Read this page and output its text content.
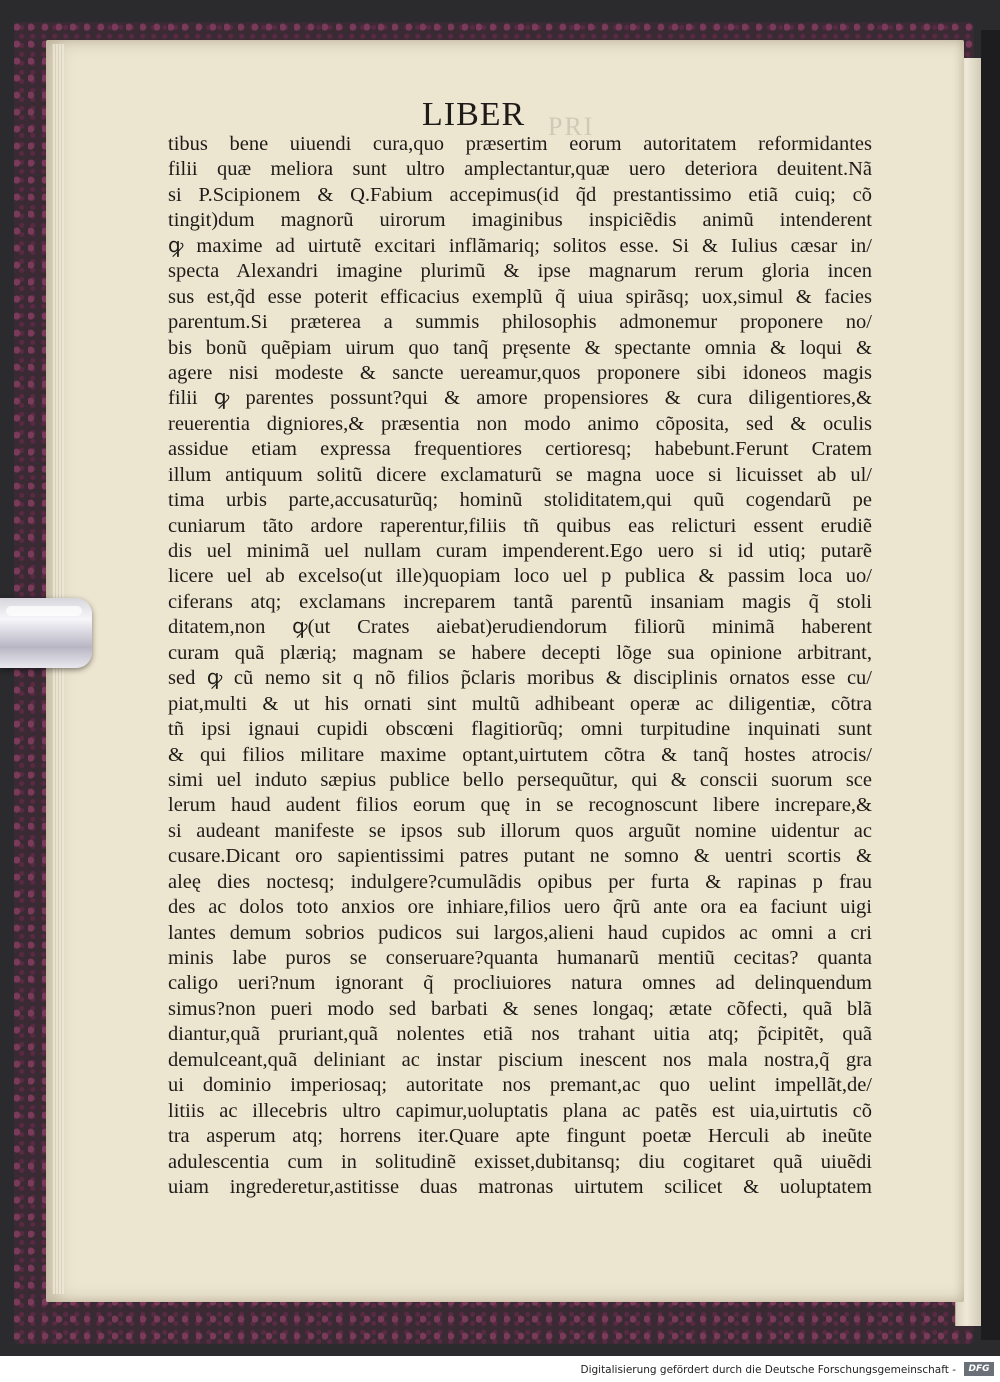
PRI
LIBER
tibus bene uiuendi cura,quo præsertim eorum autoritatem reformidantes
filii quæ meliora sunt ultro amplectantur,quæ uero deteriora deuitent.Nã
si P.Scipionem & Q.Fabium accepimus(id q̃d prestantissimo etiã cuiq; cõ
tingit)dum magnorũ uirorum imaginibus inspiciẽdis animũ intenderent
ꝙ maxime ad uirtutẽ excitari inflãmariq; solitos esse. Si & Iulius cæsar in/
specta Alexandri imagine plurimũ & ipse magnarum rerum gloria incen
sus est,q̃d esse poterit efficacius exemplũ q̃ uiua spirãsq; uox,simul & facies
parentum.Si præterea a summis philosophis admonemur proponere no/
bis bonũ quẽpiam uirum quo tanq̃ pręsente & spectante omnia & loqui &
agere nisi modeste & sancte uereamur,quos proponere sibi idoneos magis
filii ꝙ parentes possunt?qui & amore propensiores & cura diligentiores,&
reuerentia digniores,& præsentia non modo animo cõposita, sed & oculis
assidue etiam expressa frequentiores certioresq; habebunt.Ferunt Cratem
illum antiquum solitũ dicere exclamaturũ se magna uoce si licuisset ab ul/
tima urbis parte,accusaturũq; hominũ stoliditatem,qui quũ cogendarũ pe
cuniarum tãto ardore raperentur,filiis tñ quibus eas relicturi essent erudiẽ
dis uel minimã uel nullam curam impenderent.Ego uero si id utiq; putarẽ
licere uel ab excelso(ut ille)quopiam loco uel p publica & passim loca uo/
ciferans atq; exclamans increparem tantã parentũ insaniam magis q̃ stoli
ditatem,non ꝙ(ut Crates aiebat)erudiendorum filiorũ minimã haberent
curam quã plærią; magnam se habere decepti lõge sua opinione arbitrant,
sed ꝙ cũ nemo sit q nõ filios p̃claris moribus & disciplinis ornatos esse cu/
piat,multi & ut his ornati sint multũ adhibeant operæ ac diligentiæ, cõtra
tñ ipsi ignaui cupidi obscœni flagitiorũq; omni turpitudine inquinati sunt
& qui filios militare maxime optant,uirtutem cõtra & tanq̃ hostes atrocis/
simi uel induto sæpius publice bello persequũtur, qui & conscii suorum sce
lerum haud audent filios eorum quę in se recognoscunt libere increpare,&
si audeant manifeste se ipsos sub illorum quos arguũt nomine uidentur ac
cusare.Dicant oro sapientissimi patres putant ne somno & uentri scortis &
aleę dies noctesq; indulgere?cumulãdis opibus per furta & rapinas p frau
des ac dolos toto anxios ore inhiare,filios uero q̃rũ ante ora ea faciunt uigi
lantes demum sobrios pudicos sui largos,alieni haud cupidos ac omni a cri
minis labe puros se conseruare?quanta humanarũ mentiũ cecitas? quanta
caligo ueri?num ignorant q̃ procliuiores natura omnes ad delinquendum
simus?non pueri modo sed barbati & senes longaq; ætate cõfecti, quã blã
diantur,quã pruriant,quã nolentes etiã nos trahant uitia atq; p̃cipitẽt, quã
demulceant,quã deliniant ac instar piscium inescent nos mala nostra,q̃ gra
ui dominio imperiosaq; autoritate nos premant,ac quo uelint impellãt,de/
litiis ac illecebris ultro capimur,uoluptatis plana ac patẽs est uia,uirtutis cõ
tra asperum atq; horrens iter.Quare apte fingunt poetæ Herculi ab ineũte
adulescentia cum in solitudinẽ exisset,dubitansq; diu cogitaret quã uiuẽdi
uiam ingrederetur,astitisse duas matronas uirtutem scilicet & uoluptatem
Digitalisierung gefördert durch die Deutsche Forschungsgemeinschaft -	DFG
